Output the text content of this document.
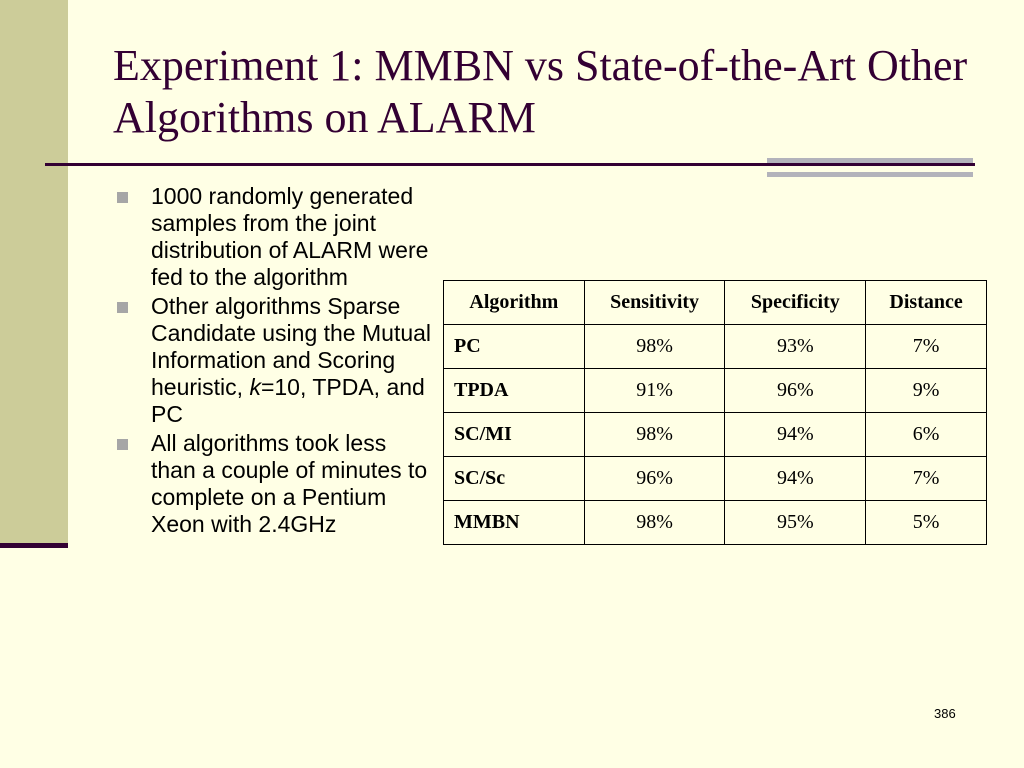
Experiment 1: MMBN vs State-of-the-Art Other Algorithms on ALARM
1000 randomly generated samples from the joint distribution of ALARM were fed to the algorithm
Other algorithms Sparse Candidate using the Mutual Information and Scoring heuristic, k=10, TPDA, and PC
All algorithms took less than a couple of minutes to complete on a Pentium Xeon with 2.4GHz
Algorithm	Sensitivity	Specificity	Distance
PC	98%	93%	7%
TPDA	91%	96%	9%
SC/MI	98%	94%	6%
SC/Sc	96%	94%	7%
MMBN	98%	95%	5%
386
